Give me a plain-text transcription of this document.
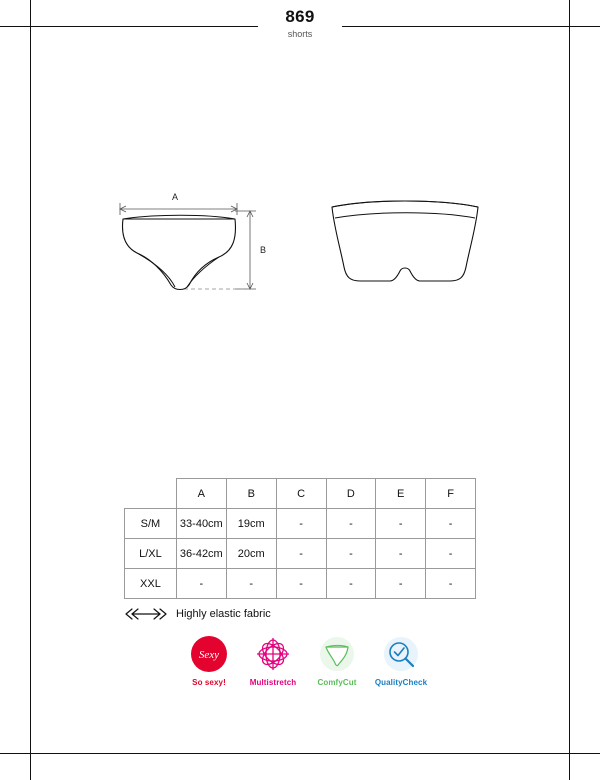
869
shorts
A
B
	A	B	C	D	E	F
S/M	33-40cm	19cm	-	-	-	-
L/XL	36-42cm	20cm	-	-	-	-
XXL	-	-	-	-	-	-
Highly elastic fabric
Sexy
So sexy!	Multistretch	ComfyCut	QualityCheck
